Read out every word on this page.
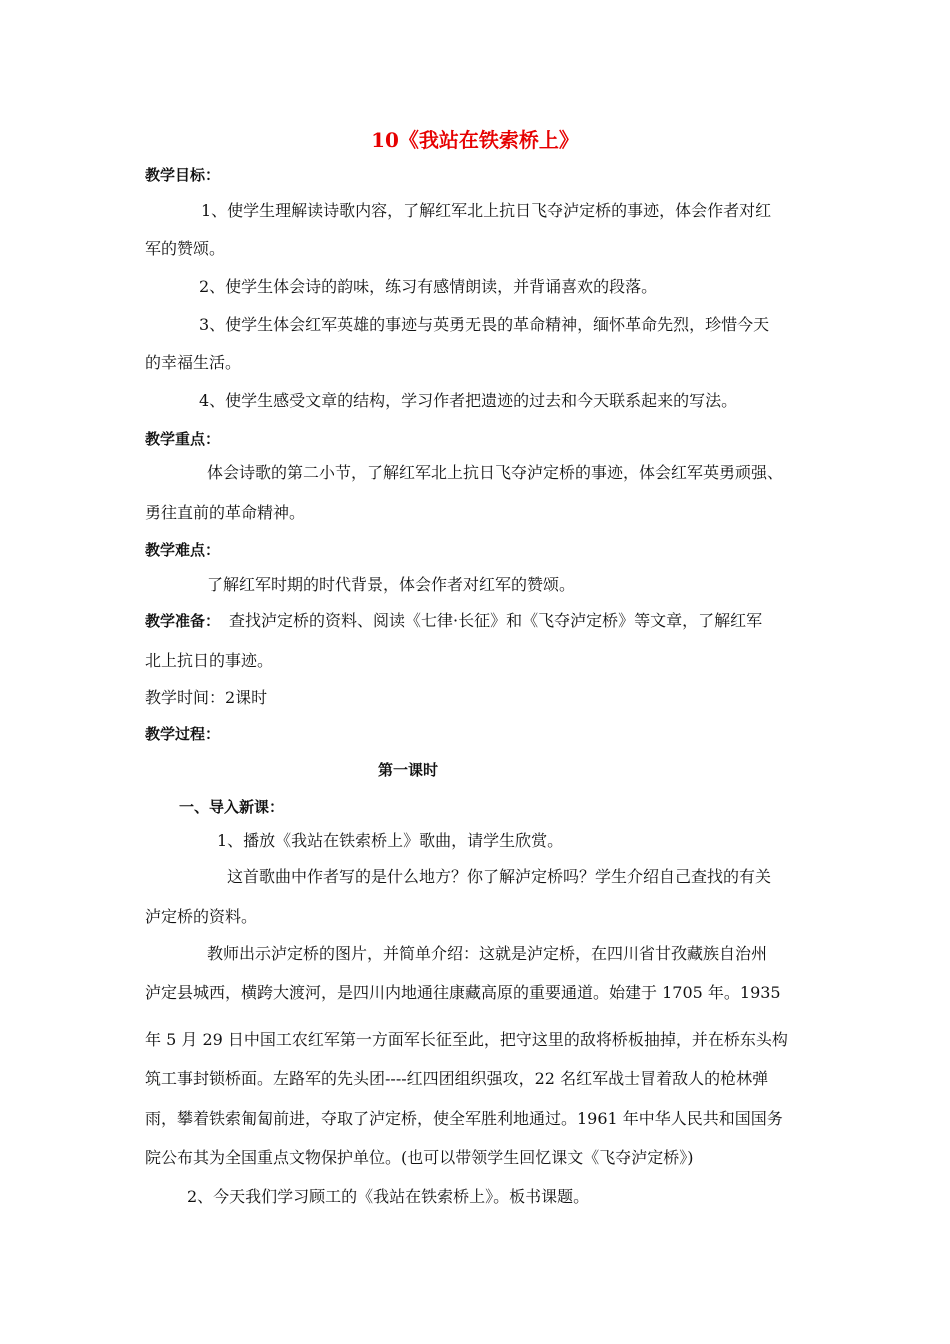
10《我站在铁索桥上》
教学目标：
1、使学生理解读诗歌内容，了解红军北上抗日飞夺泸定桥的事迹，体会作者对红
军的赞颂。
2、使学生体会诗的韵味，练习有感情朗读，并背诵喜欢的段落。
3、使学生体会红军英雄的事迹与英勇无畏的革命精神，缅怀革命先烈，珍惜今天
的幸福生活。
4、使学生感受文章的结构，学习作者把遗迹的过去和今天联系起来的写法。
教学重点：
体会诗歌的第二小节，了解红军北上抗日飞夺泸定桥的事迹，体会红军英勇顽强、
勇往直前的革命精神。
教学难点：
了解红军时期的时代背景，体会作者对红军的赞颂。
教学准备： 查找泸定桥的资料、阅读《七律·长征》和《飞夺泸定桥》等文章，了解红军
北上抗日的事迹。
教学时间：2课时
教学过程：
第一课时
一、导入新课：
1、播放《我站在铁索桥上》歌曲，请学生欣赏。
这首歌曲中作者写的是什么地方？你了解泸定桥吗？学生介绍自己查找的有关
泸定桥的资料。
教师出示泸定桥的图片，并简单介绍：这就是泸定桥，在四川省甘孜藏族自治州
泸定县城西，横跨大渡河，是四川内地通往康藏高原的重要通道。始建于 1705 年。1935
年 5 月 29 日中国工农红军第一方面军长征至此，把守这里的敌将桥板抽掉，并在桥东头构
筑工事封锁桥面。左路军的先头团----红四团组织强攻，22 名红军战士冒着敌人的枪林弹
雨，攀着铁索匍匐前进，夺取了泸定桥，使全军胜利地通过。1961 年中华人民共和国国务
院公布其为全国重点文物保护单位。(也可以带领学生回忆课文《飞夺泸定桥》)
2、今天我们学习顾工的《我站在铁索桥上》。板书课题。
